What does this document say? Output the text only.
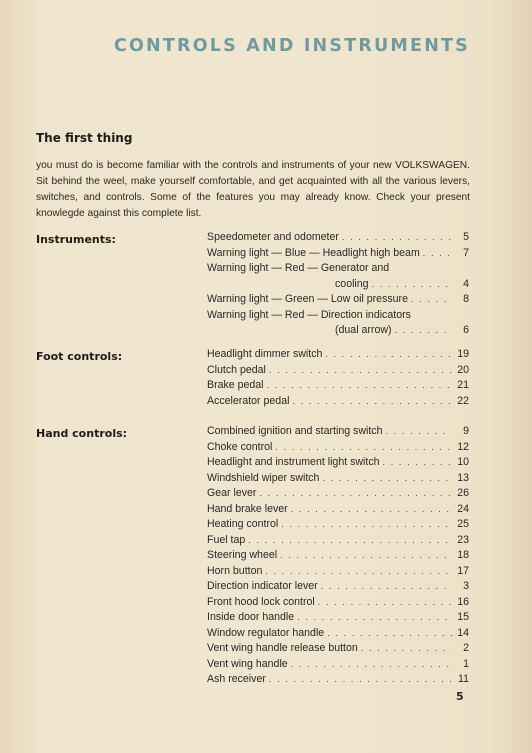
CONTROLS AND INSTRUMENTS
The first thing
you must do is become familiar with the controls and instruments of your new VOLKSWAGEN. Sit behind the weel, make yourself comfortable, and get acquainted with all the various levers, switches, and controls. Some of the features you may already know. Check your present knowlegde against this complete list.
Instruments:	Speedometer and odometer . . .	5
Warning light — Blue — Headlight high beam . . .	7
Warning light — Red — Generator and
cooling . . .	4
Warning light — Green — Low oil pressure . . .	8
Warning light — Red — Direction indicators
(dual arrow) . . .	6
Foot controls:	Headlight dimmer switch . . .	19
Clutch pedal . . .	20
Brake pedal . . .	21
Accelerator pedal . . .	22
Hand controls:	Combined ignition and starting switch . . .	9
Choke control . . .	12
Headlight and instrument light switch . . .	10
Windshield wiper switch . . .	13
Gear lever . . .	26
Hand brake lever . . .	24
Heating control . . .	25
Fuel tap . . .	23
Steering wheel . . .	18
Horn button . . .	17
Direction indicator lever . . .	3
Front hood lock control . . .	16
Inside door handle . . .	15
Window regulator handle . . .	14
Vent wing handle release button . . .	2
Vent wing handle . . .	1
Ash receiver . . .	11
5
